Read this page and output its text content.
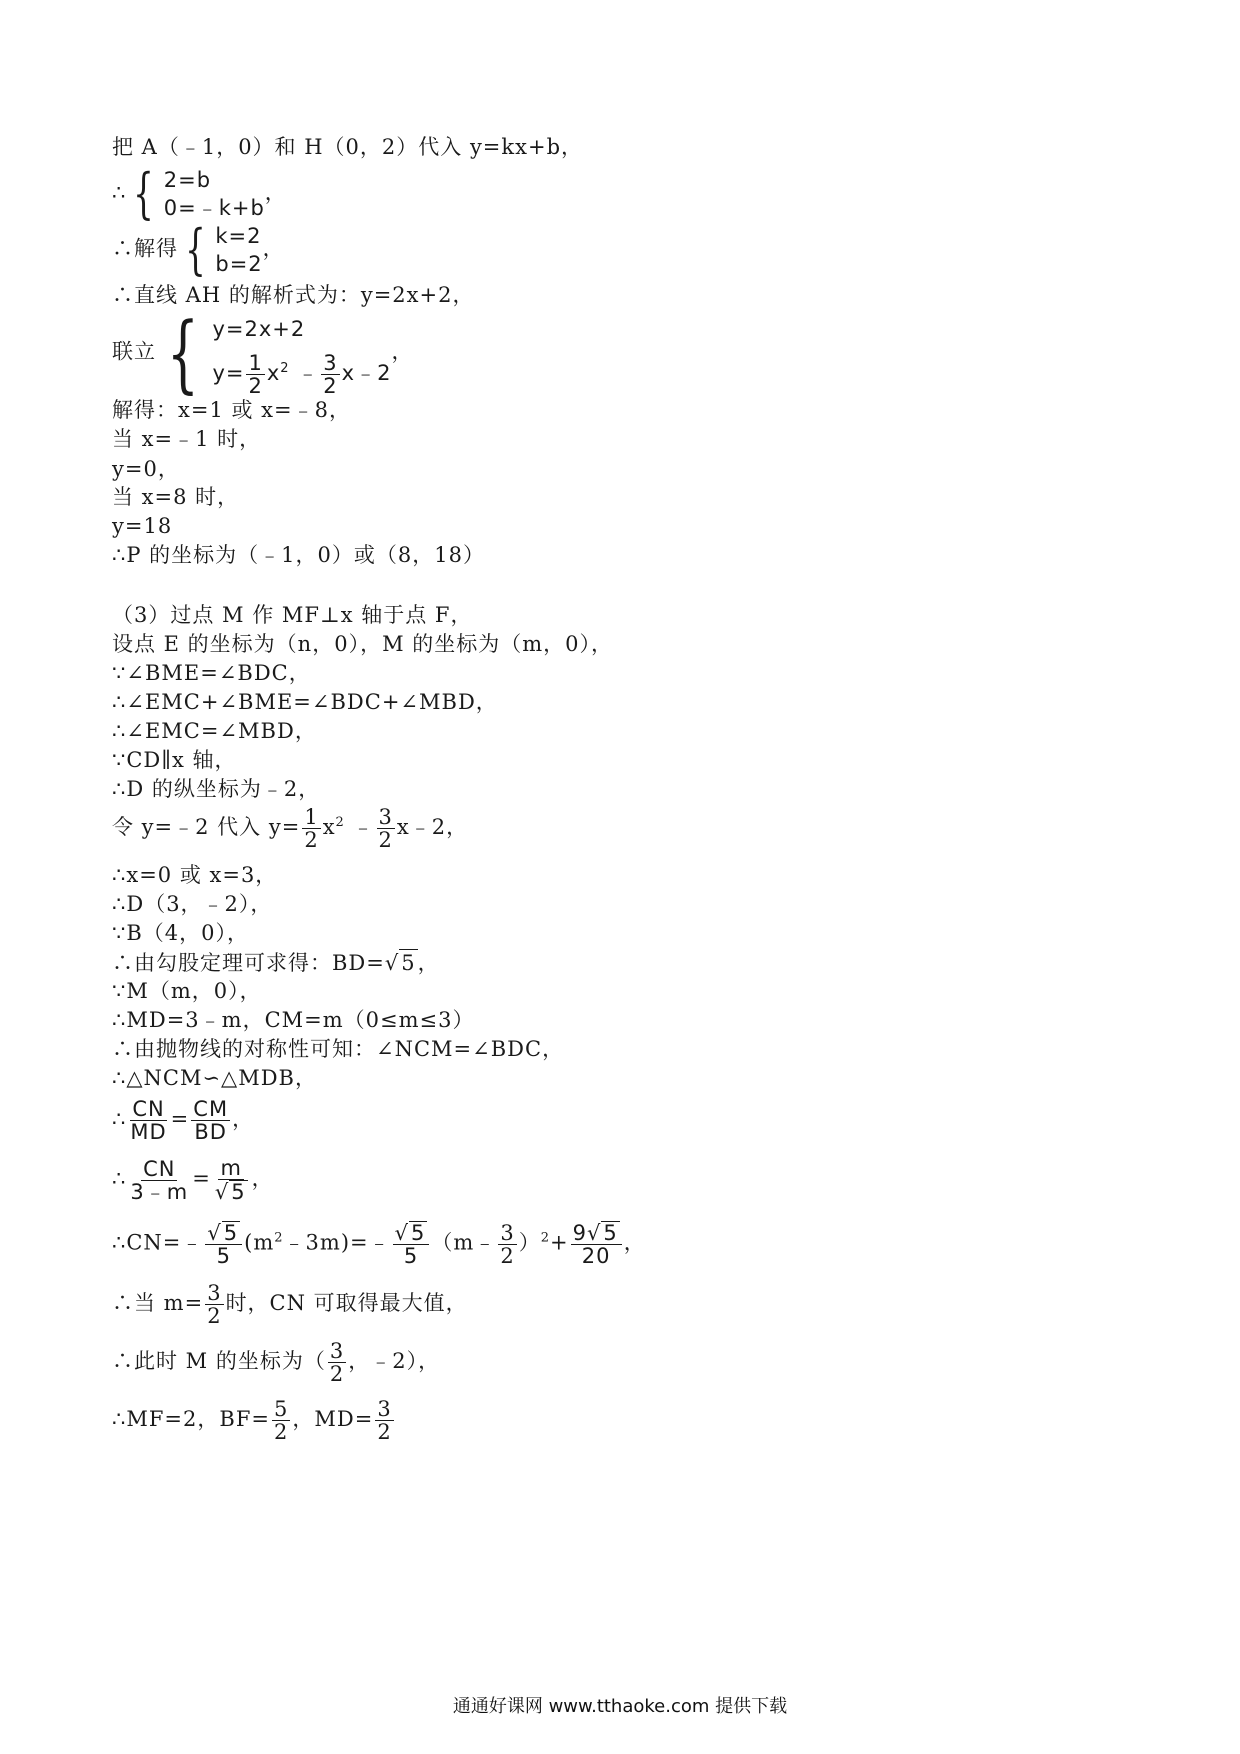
把 A（﹣1，0）和 H（0，2）代入 y=kx+b，
∴ { 2=b
0=﹣k+b
，
∴解得 { k=2
b=2
，
∴直线 AH 的解析式为：y=2x+2，
联立 { y=2x+2
$y= \frac{1}{2} x^2$ ﹣ $\frac{3}{2}$ x﹣2
，
解得：x=1 或 x=﹣8，
当 x=﹣1 时，
y=0，
当 x=8 时，
y=18
∴P 的坐标为（﹣1，0）或（8，18）
（3）过点 M 作 MF⊥x 轴于点 F，
设点 E 的坐标为（n，0），M 的坐标为（m，0），
∵∠BME=∠BDC，
∴∠EMC+∠BME=∠BDC+∠MBD，
∴∠EMC=∠MBD，
∵CD∥x 轴，
∴D 的纵坐标为﹣2，
令 y=﹣2 代入 $y= \frac{1}{2} x^2$ ﹣ $\frac{3}{2}$ x﹣2，
∴x=0 或 x=3，
∴D（3，﹣2），
∵B（4，0），
∴由勾股定理可求得：BD= √ 5 ，
∵M（m，0），
∴MD=3﹣m，CM=m（0≤m≤3）
∴由抛物线的对称性可知：∠NCM=∠BDC，
∴△NCM∽△MDB，
∴ $\frac{CN}{MD} = \frac{CM}{BD}$ ，
∴ $\frac{CN}{3﹣m} = \frac{m}{√ 5}$ ，
∴CN=﹣ $\frac{√ 5}{5}$ $(m^2﹣3m)=﹣ \frac{√ 5}{5}$ （m﹣ $\frac{3}{2} )^2+ \frac{9 √ 5}{20}$ ，
∴当 $m= \frac{3}{2}$ 时，CN 可取得最大值，
∴此时 M 的坐标为（ $\frac{3}{2}$ ，﹣2），
∴MF=2，$BF= \frac{5}{2}$ ，$MD= \frac{3}{2}$
通通好课网 www.tthaoke.com 提供下载
